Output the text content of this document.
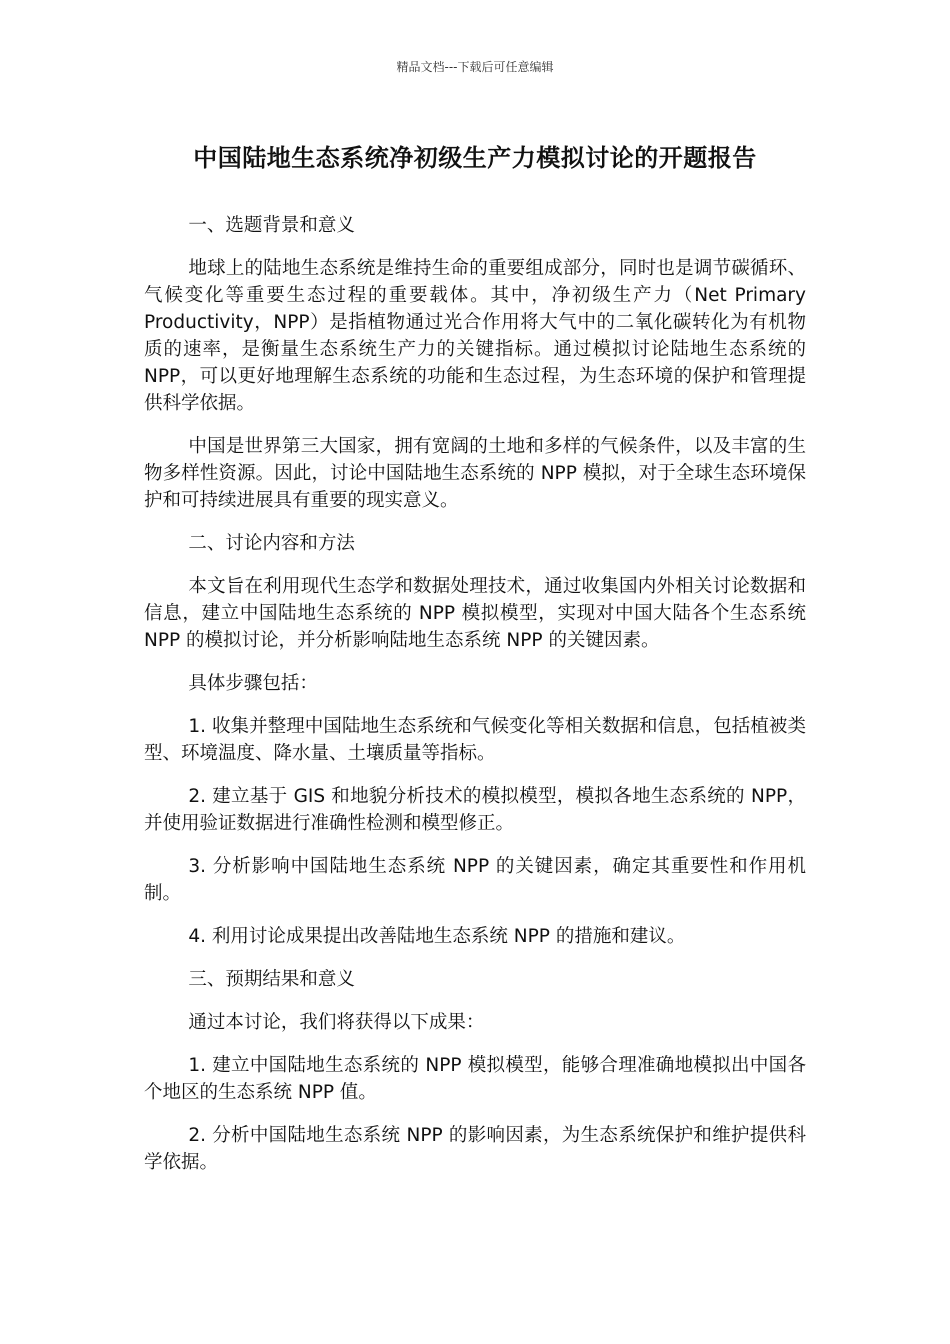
精品文档---下载后可任意编辑
中国陆地生态系统净初级生产力模拟讨论的开题报告

一、选题背景和意义

地球上的陆地生态系统是维持生命的重要组成部分，同时也是调节碳循环、气候变化等重要生态过程的重要载体。其中，净初级生产力（Net Primary Productivity，NPP）是指植物通过光合作用将大气中的二氧化碳转化为有机物质的速率，是衡量生态系统生产力的关键指标。通过模拟讨论陆地生态系统的 NPP，可以更好地理解生态系统的功能和生态过程，为生态环境的保护和管理提供科学依据。

中国是世界第三大国家，拥有宽阔的土地和多样的气候条件，以及丰富的生物多样性资源。因此，讨论中国陆地生态系统的 NPP 模拟，对于全球生态环境保护和可持续进展具有重要的现实意义。

二、讨论内容和方法

本文旨在利用现代生态学和数据处理技术，通过收集国内外相关讨论数据和信息，建立中国陆地生态系统的 NPP 模拟模型，实现对中国大陆各个生态系统 NPP 的模拟讨论，并分析影响陆地生态系统 NPP 的关键因素。

具体步骤包括：

1. 收集并整理中国陆地生态系统和气候变化等相关数据和信息，包括植被类型、环境温度、降水量、土壤质量等指标。

2. 建立基于 GIS 和地貌分析技术的模拟模型，模拟各地生态系统的 NPP，并使用验证数据进行准确性检测和模型修正。

3. 分析影响中国陆地生态系统 NPP 的关键因素，确定其重要性和作用机制。

4. 利用讨论成果提出改善陆地生态系统 NPP 的措施和建议。

三、预期结果和意义

通过本讨论，我们将获得以下成果：

1. 建立中国陆地生态系统的 NPP 模拟模型，能够合理准确地模拟出中国各个地区的生态系统 NPP 值。

2. 分析中国陆地生态系统 NPP 的影响因素，为生态系统保护和维护提供科学依据。
